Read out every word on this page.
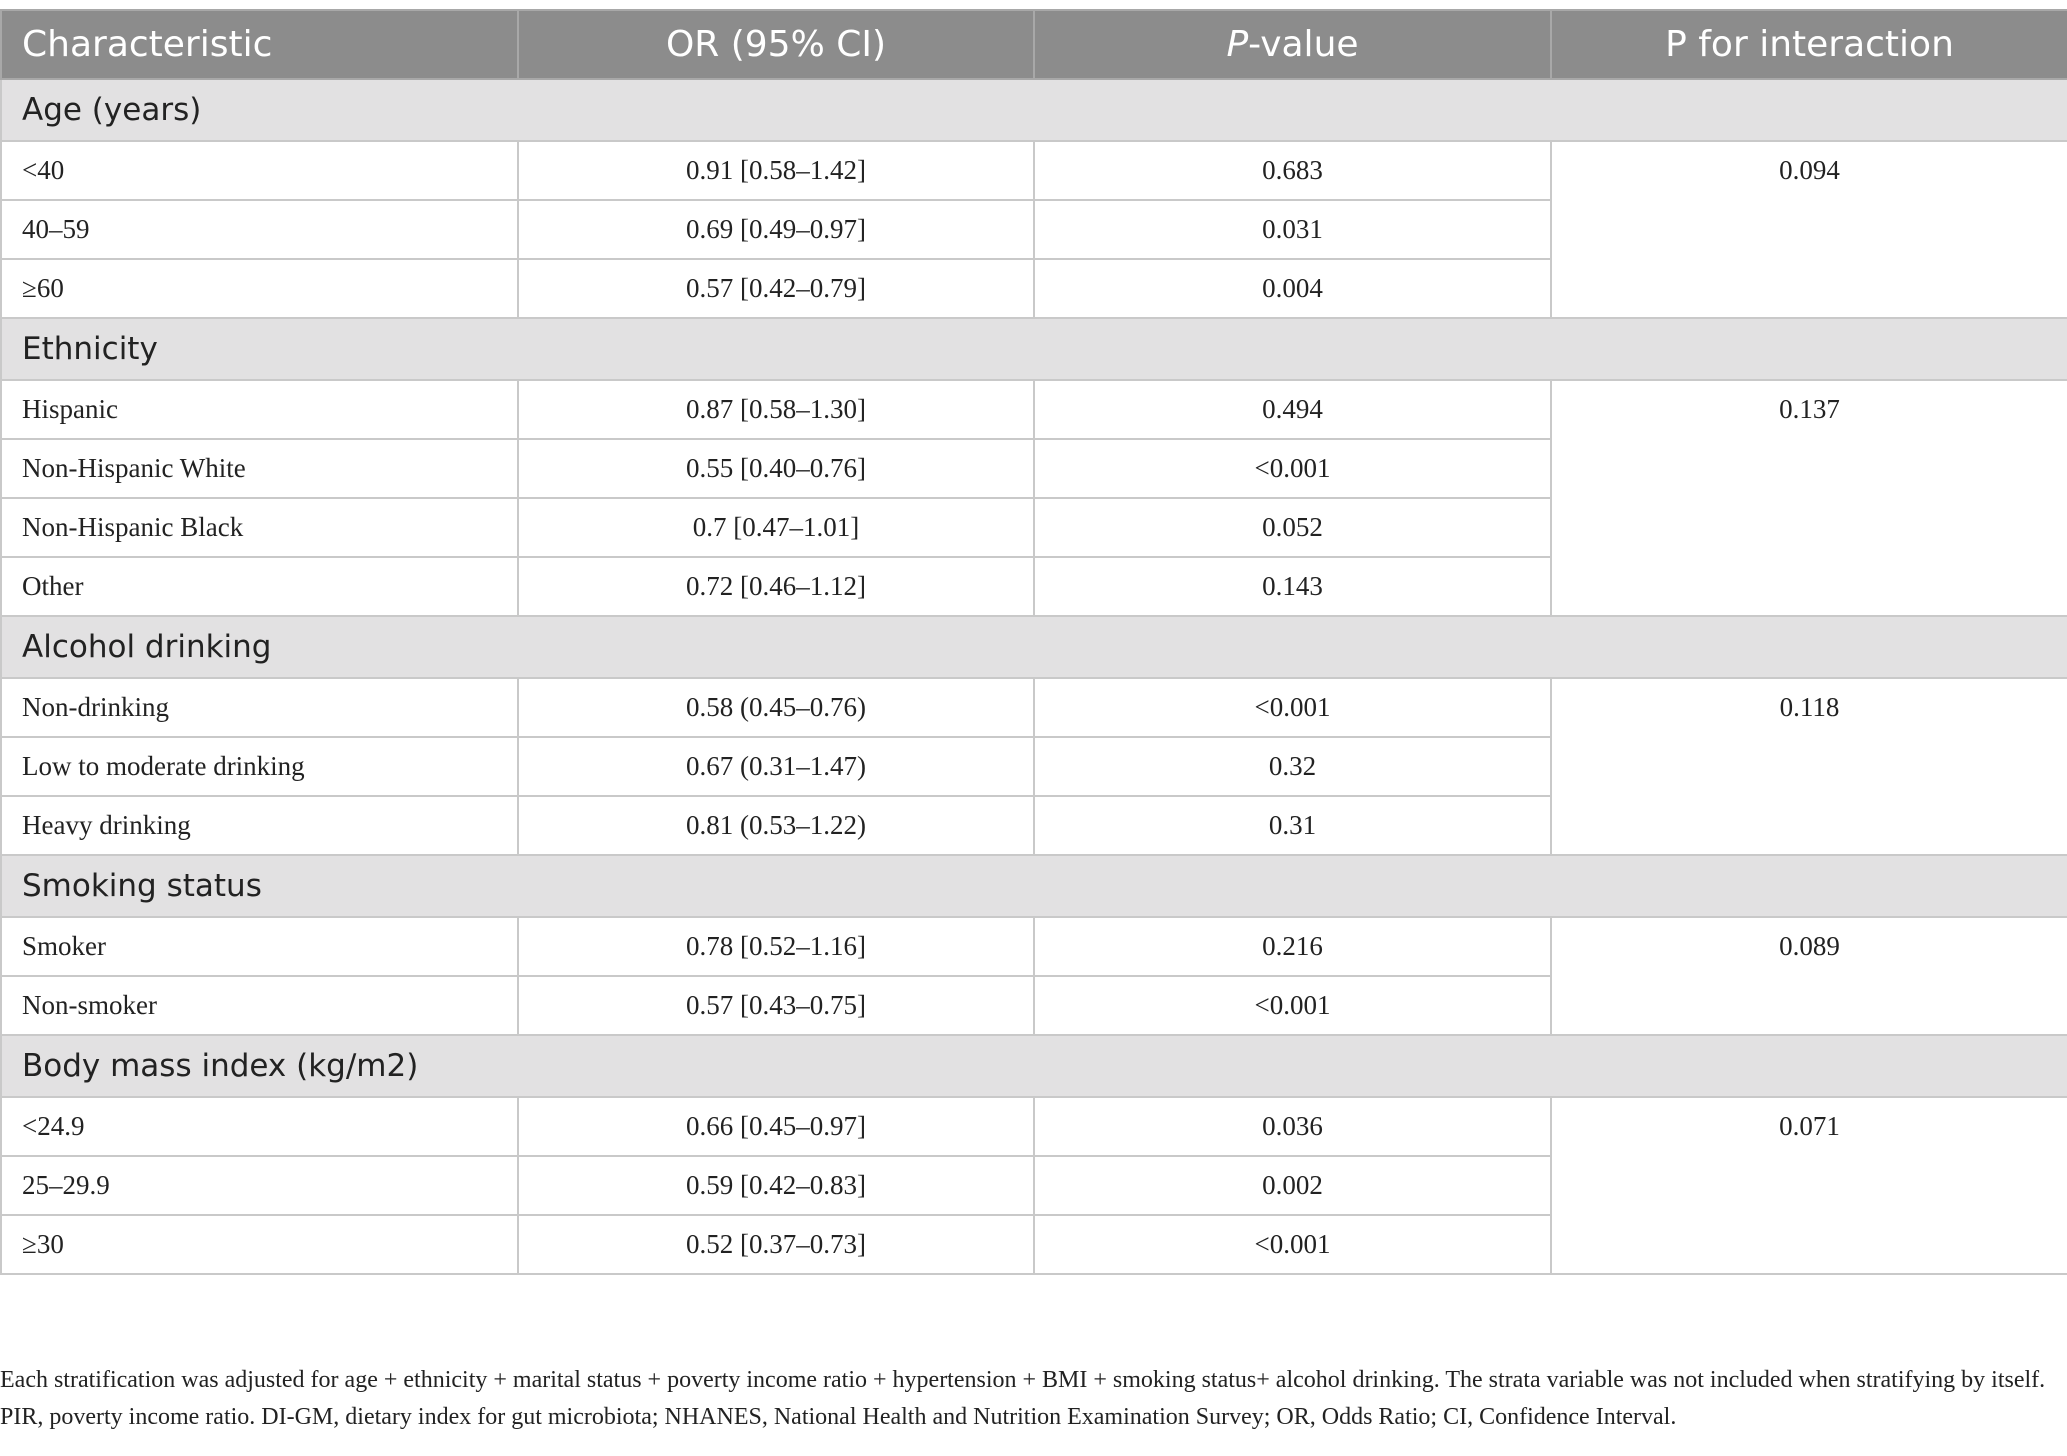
Characteristic	OR (95% CI)	P-value	P for interaction
Age (years)			
<40	0.91 [0.58–1.42]	0.683	0.094
40–59	0.69 [0.49–0.97]	0.031	
≥60	0.57 [0.42–0.79]	0.004	
Ethnicity			
Hispanic	0.87 [0.58–1.30]	0.494	0.137
Non-Hispanic White	0.55 [0.40–0.76]	<0.001	
Non-Hispanic Black	0.7 [0.47–1.01]	0.052	
Other	0.72 [0.46–1.12]	0.143	
Alcohol drinking			
Non-drinking	0.58 (0.45–0.76)	<0.001	0.118
Low to moderate drinking	0.67 (0.31–1.47)	0.32	
Heavy drinking	0.81 (0.53–1.22)	0.31	
Smoking status			
Smoker	0.78 [0.52–1.16]	0.216	0.089
Non-smoker	0.57 [0.43–0.75]	<0.001	
Body mass index (kg/m2)			
<24.9	0.66 [0.45–0.97]	0.036	0.071
25–29.9	0.59 [0.42–0.83]	0.002	
≥30	0.52 [0.37–0.73]	<0.001	

Each stratification was adjusted for age + ethnicity + marital status + poverty income ratio + hypertension + BMI + smoking status+ alcohol drinking. The strata variable was not included when stratifying by itself. PIR, poverty income ratio. DI-GM, dietary index for gut microbiota; NHANES, National Health and Nutrition Examination Survey; OR, Odds Ratio; CI, Confidence Interval.
